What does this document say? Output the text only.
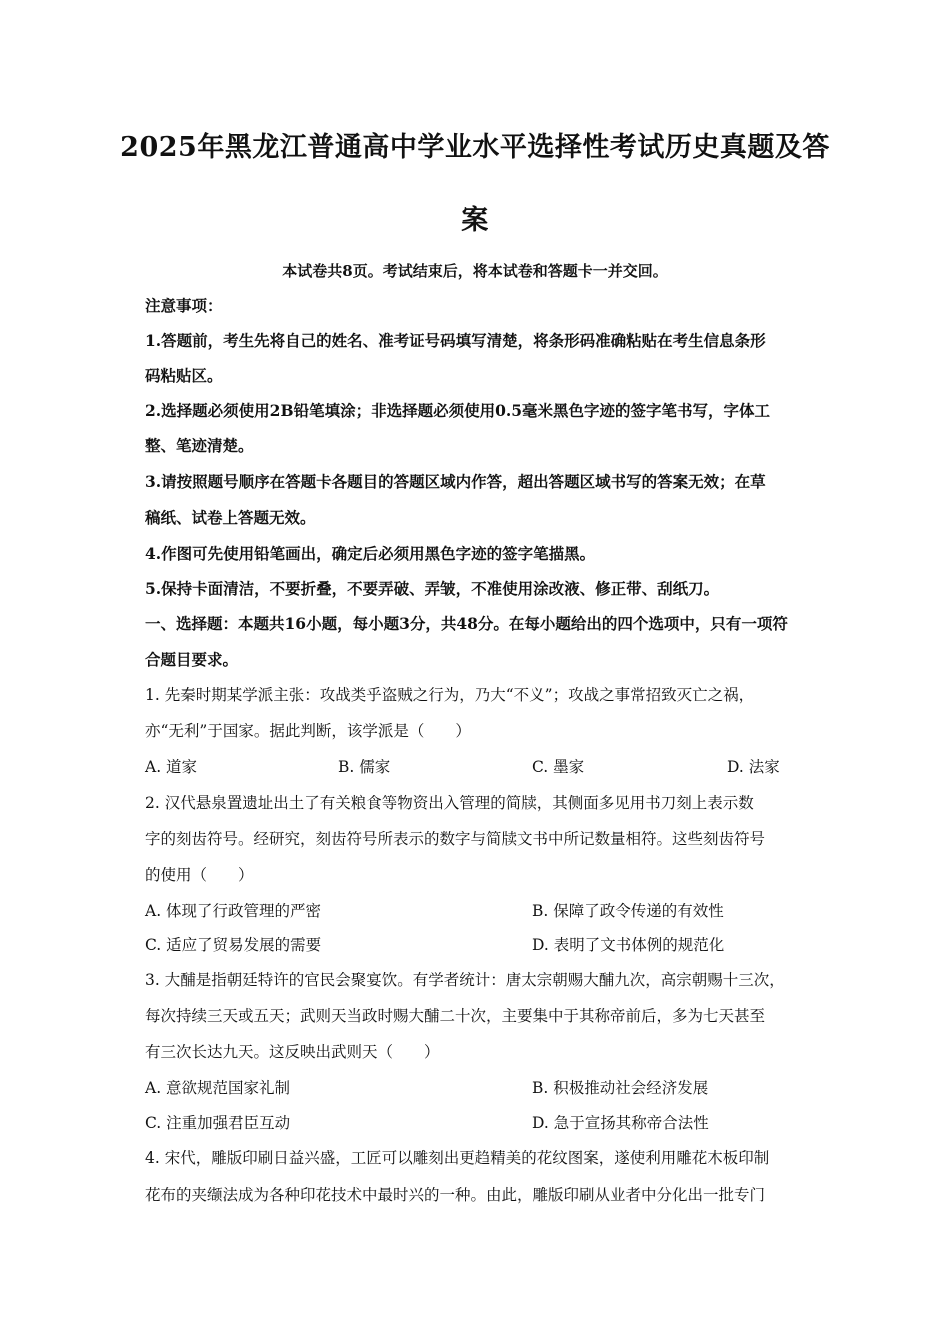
2025年黑龙江普通高中学业水平选择性考试历史真题及答
案
本试卷共8页。考试结束后，将本试卷和答题卡一并交回。
注意事项：
1.答题前，考生先将自己的姓名、准考证号码填写清楚，将条形码准确粘贴在考生信息条形
码粘贴区。
2.选择题必须使用2B铅笔填涂；非选择题必须使用0.5毫米黑色字迹的签字笔书写，字体工
整、笔迹清楚。
3.请按照题号顺序在答题卡各题目的答题区域内作答，超出答题区域书写的答案无效；在草
稿纸、试卷上答题无效。
4.作图可先使用铅笔画出，确定后必须用黑色字迹的签字笔描黑。
5.保持卡面清洁，不要折叠，不要弄破、弄皱，不准使用涂改液、修正带、刮纸刀。
一、选择题：本题共16小题，每小题3分，共48分。在每小题给出的四个选项中，只有一项符
合题目要求。
1. 先秦时期某学派主张：攻战类乎盗贼之行为，乃大“不义”；攻战之事常招致灭亡之祸，
亦“无利”于国家。据此判断，该学派是（　　）
A. 道家	B. 儒家	C. 墨家	D. 法家
2. 汉代悬泉置遗址出土了有关粮食等物资出入管理的简牍，其侧面多见用书刀刻上表示数
字的刻齿符号。经研究，刻齿符号所表示的数字与简牍文书中所记数量相符。这些刻齿符号
的使用（　　）
A. 体现了行政管理的严密	B. 保障了政令传递的有效性
C. 适应了贸易发展的需要	D. 表明了文书体例的规范化
3. 大酺是指朝廷特许的官民会聚宴饮。有学者统计：唐太宗朝赐大酺九次，高宗朝赐十三次，
每次持续三天或五天；武则天当政时赐大酺二十次，主要集中于其称帝前后，多为七天甚至
有三次长达九天。这反映出武则天（　　）
A. 意欲规范国家礼制	B. 积极推动社会经济发展
C. 注重加强君臣互动	D. 急于宣扬其称帝合法性
4. 宋代，雕版印刷日益兴盛，工匠可以雕刻出更趋精美的花纹图案，遂使利用雕花木板印制
花布的夹缬法成为各种印花技术中最时兴的一种。由此，雕版印刷从业者中分化出一批专门
